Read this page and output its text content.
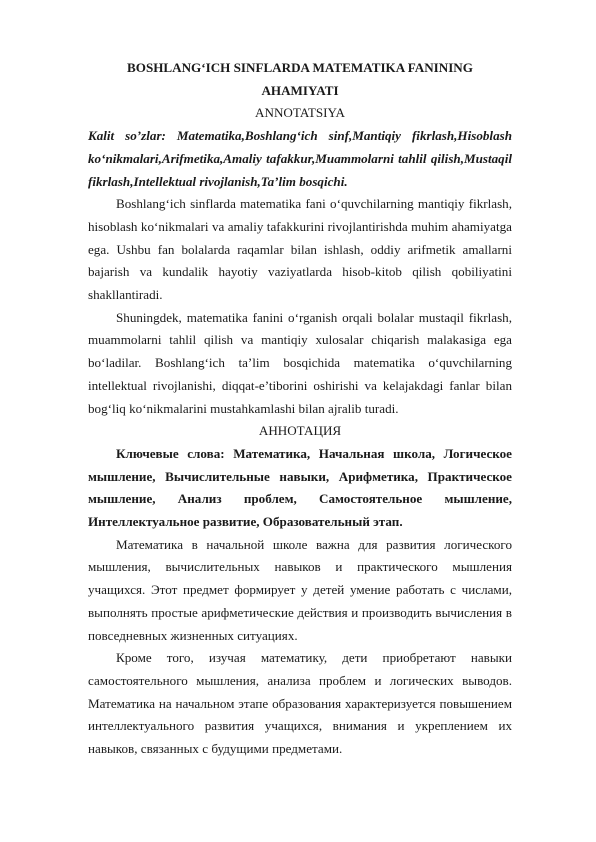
BOSHLANG‘ICH SINFLARDA MATEMATIKA FANINING AHAMIYATI

ANNOTATSIYA

Kalit so’zlar: Matematika,Boshlang‘ich sinf,Mantiqiy fikrlash,Hisoblash ko‘nikmalari,Arifmetika,Amaliy tafakkur,Muammolarni tahlil qilish,Mustaqil fikrlash,Intellektual rivojlanish,Ta’lim bosqichi.

Boshlang‘ich sinflarda matematika fani o‘quvchilarning mantiqiy fikrlash, hisoblash ko‘nikmalari va amaliy tafakkurini rivojlantirishda muhim ahamiyatga ega. Ushbu fan bolalarda raqamlar bilan ishlash, oddiy arifmetik amallarni bajarish va kundalik hayotiy vaziyatlarda hisob-kitob qilish qobiliyatini shakllantiradi.

Shuningdek, matematika fanini o‘rganish orqali bolalar mustaqil fikrlash, muammolarni tahlil qilish va mantiqiy xulosalar chiqarish malakasiga ega bo‘ladilar. Boshlang‘ich ta’lim bosqichida matematika o‘quvchilarning intellektual rivojlanishi, diqqat-e’tiborini oshirishi va kelajakdagi fanlar bilan bog‘liq ko‘nikmalarini mustahkamlashi bilan ajralib turadi.

АННОТАЦИЯ

Ключевые слова: Математика, Начальная школа, Логическое мышление, Вычислительные навыки, Арифметика, Практическое мышление, Анализ проблем, Самостоятельное мышление, Интеллектуальное развитие, Образовательный этап.

Математика в начальной школе важна для развития логического мышления, вычислительных навыков и практического мышления учащихся. Этот предмет формирует у детей умение работать с числами, выполнять простые арифметические действия и производить вычисления в повседневных жизненных ситуациях.

Кроме того, изучая математику, дети приобретают навыки самостоятельного мышления, анализа проблем и логических выводов. Математика на начальном этапе образования характеризуется повышением интеллектуального развития учащихся, внимания и укреплением их навыков, связанных с будущими предметами.
